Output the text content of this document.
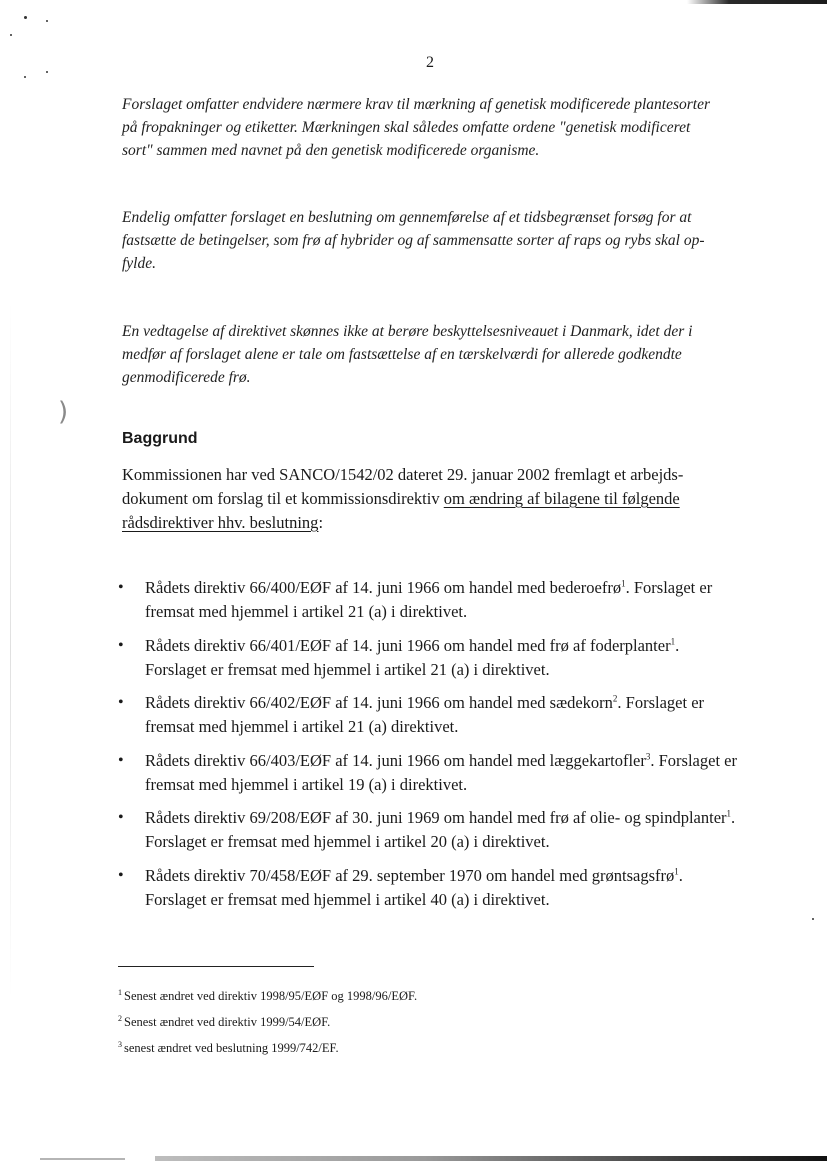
)

2

Forslaget omfatter endvidere nærmere krav til mærkning af genetisk modificerede plantesorter
på fropakninger og etiketter. Mærkningen skal således omfatte ordene "genetisk modificeret
sort" sammen med navnet på den genetisk modificerede organisme.

Endelig omfatter forslaget en beslutning om gennemførelse af et tidsbegrænset forsøg for at
fastsætte de betingelser, som frø af hybrider og af sammensatte sorter af raps og rybs skal op-
fylde.

En vedtagelse af direktivet skønnes ikke at berøre beskyttelsesniveauet i Danmark, idet der i
medfør af forslaget alene er tale om fastsættelse af en tærskelværdi for allerede godkendte
genmodificerede frø.

Baggrund

Kommissionen har ved SANCO/1542/02 dateret 29. januar 2002 fremlagt et arbejds-dokument om forslag til et kommissionsdirektiv om ændring af bilagene til følgende rådsdirektiver hhv. beslutning:

• Rådets direktiv 66/400/EØF af 14. juni 1966 om handel med bederoefrø$^1$. Forslaget er fremsat med hjemmel i artikel 21 (a) i direktivet.
• Rådets direktiv 66/401/EØF af 14. juni 1966 om handel med frø af foderplanter$^1$. Forslaget er fremsat med hjemmel i artikel 21 (a) i direktivet.
• Rådets direktiv 66/402/EØF af 14. juni 1966 om handel med sædekorn$^2$. Forslaget er fremsat med hjemmel i artikel 21 (a) direktivet.
• Rådets direktiv 66/403/EØF af 14. juni 1966 om handel med læggekartofler$^3$. Forslaget er fremsat med hjemmel i artikel 19 (a) i direktivet.
• Rådets direktiv 69/208/EØF af 30. juni 1969 om handel med frø af olie- og spindplanter$^1$. Forslaget er fremsat med hjemmel i artikel 20 (a) i direktivet.
• Rådets direktiv 70/458/EØF af 29. september 1970 om handel med grøntsagsfrø$^1$. Forslaget er fremsat med hjemmel i artikel 40 (a) i direktivet.
$^1$ Senest ændret ved direktiv 1998/95/EØF og 1998/96/EØF.
$^2$ Senest ændret ved direktiv 1999/54/EØF.
$^3$ senest ændret ved beslutning 1999/742/EF.
